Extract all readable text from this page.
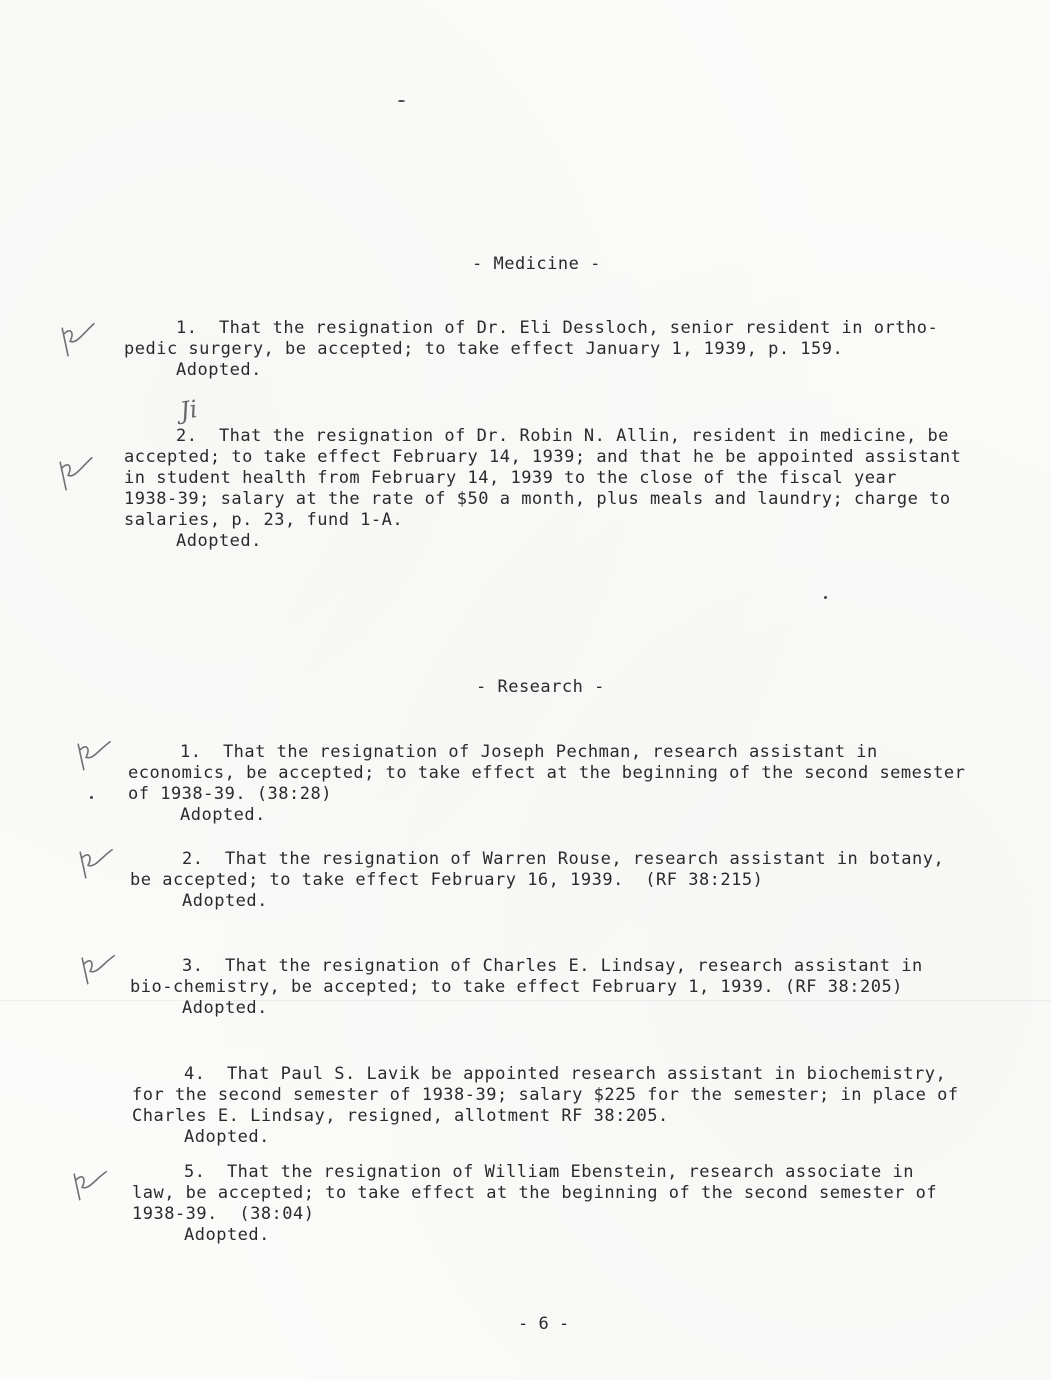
- Medicine -
1.  That the resignation of Dr. Eli Dessloch, senior resident in ortho-
pedic surgery, be accepted; to take effect January 1, 1939, p. 159.
Adopted.
Ji
2.  That the resignation of Dr. Robin N. Allin, resident in medicine, be
accepted; to take effect February 14, 1939; and that he be appointed assistant
in student health from February 14, 1939 to the close of the fiscal year
1938-39; salary at the rate of $50 a month, plus meals and laundry; charge to
salaries, p. 23, fund 1-A.
Adopted.
- Research -
1.  That the resignation of Joseph Pechman, research assistant in
economics, be accepted; to take effect at the beginning of the second semester
of 1938-39. (38:28)
Adopted.
2.  That the resignation of Warren Rouse, research assistant in botany,
be accepted; to take effect February 16, 1939.  (RF 38:215)
Adopted.
3.  That the resignation of Charles E. Lindsay, research assistant in
bio-chemistry, be accepted; to take effect February 1, 1939. (RF 38:205)
Adopted.
4.  That Paul S. Lavik be appointed research assistant in biochemistry,
for the second semester of 1938-39; salary $225 for the semester; in place of
Charles E. Lindsay, resigned, allotment RF 38:205.
Adopted.
5.  That the resignation of William Ebenstein, research associate in
law, be accepted; to take effect at the beginning of the second semester of
1938-39.  (38:04)
Adopted.
- 6 -
